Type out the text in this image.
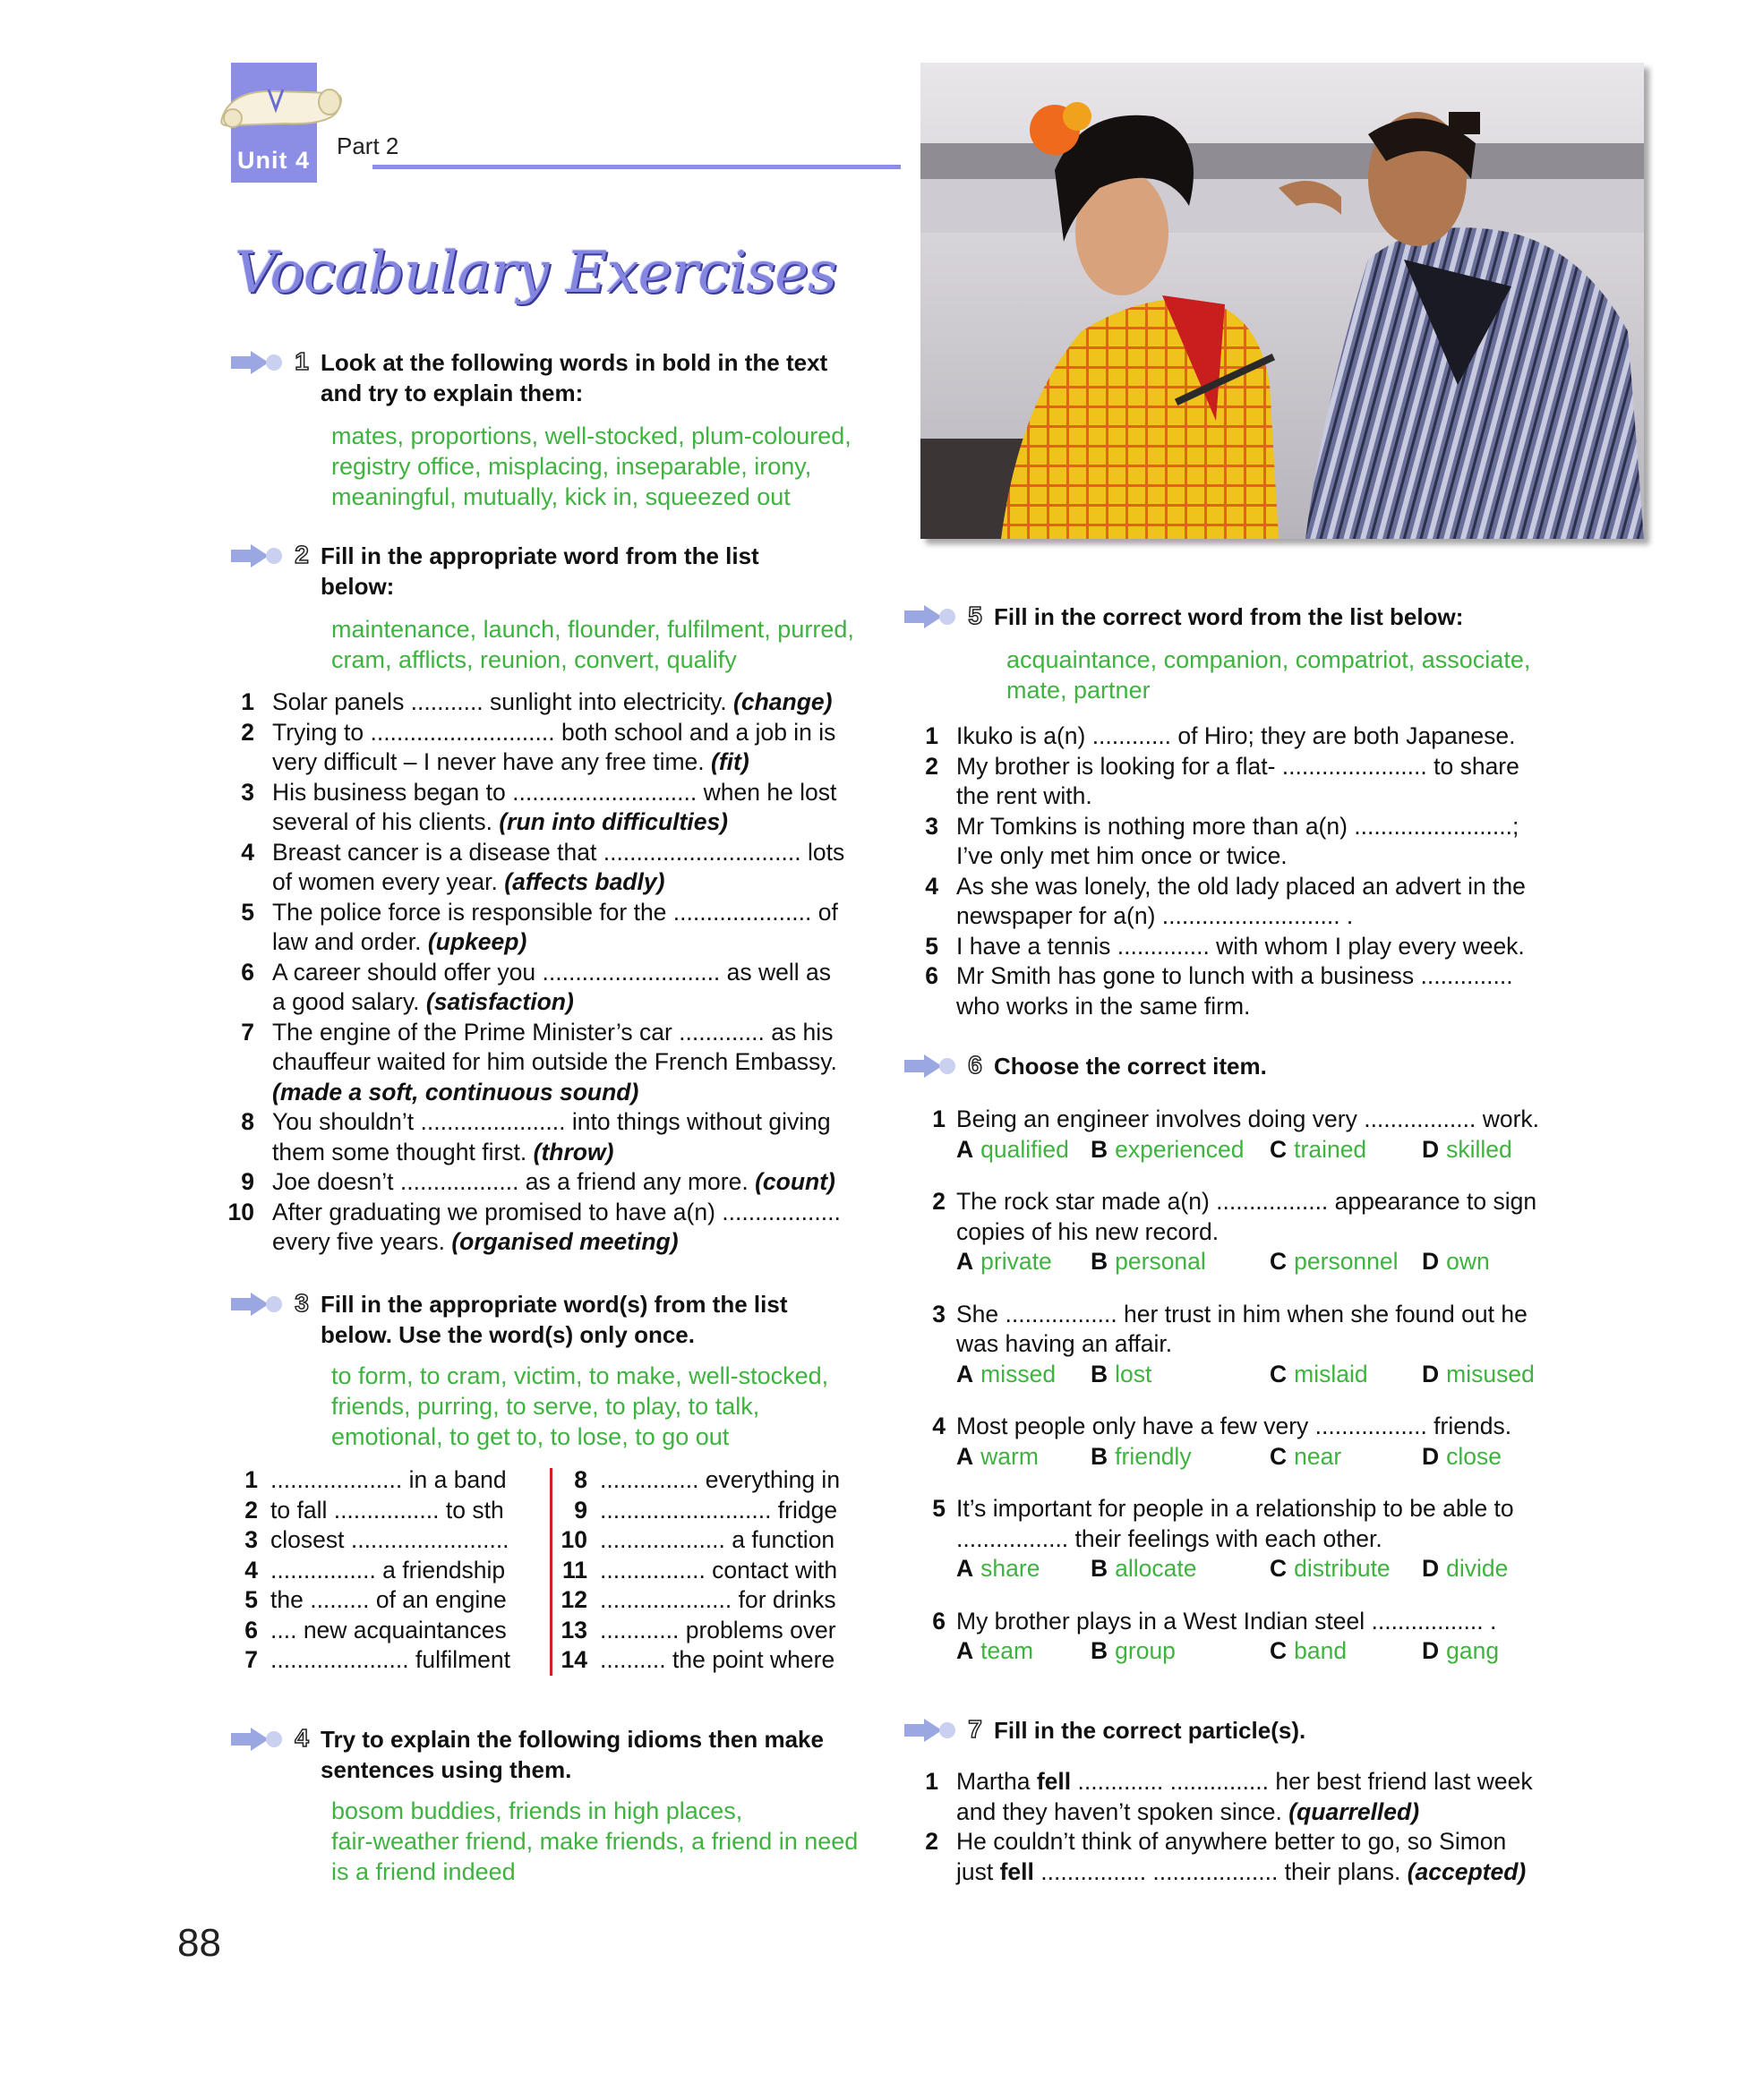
Unit 4
Part 2
Vocabulary Exercises
1 Look at the following words in bold in the text
and try to explain them:
mates, proportions, well-stocked, plum-coloured,
registry office, misplacing, inseparable, irony,
meaningful, mutually, kick in, squeezed out
2 Fill in the appropriate word from the list
below:
maintenance, launch, flounder, fulfilment, purred,
cram, afflicts, reunion, convert, qualify
1 Solar panels ........... sunlight into electricity. (change)
2 Trying to ............................ both school and a job in is
very difficult – I never have any free time. (fit)
3 His business began to ............................ when he lost
several of his clients. (run into difficulties)
4 Breast cancer is a disease that .............................. lots
of women every year. (affects badly)
5 The police force is responsible for the ..................... of
law and order. (upkeep)
6 A career should offer you ........................... as well as
a good salary. (satisfaction)
7 The engine of the Prime Minister’s car ............. as his
chauffeur waited for him outside the French Embassy. (made a soft, continuous sound)
8 You shouldn’t ...................... into things without giving
them some thought first. (throw)
9 Joe doesn’t .................. as a friend any more. (count)
10 After graduating we promised to have a(n) ..................
every five years. (organised meeting)
3 Fill in the appropriate word(s) from the list
below. Use the word(s) only once.
to form, to cram, victim, to make, well-stocked,
friends, purring, to serve, to play, to talk,
emotional, to get to, to lose, to go out
1 .................... in a band
2 to fall ................ to sth
3 closest ........................
4 ................ a friendship
5 the ......... of an engine
6 .... new acquaintances
7 ..................... fulfilment
8 ............... everything in
9 .......................... fridge
10 ................... a function
11 ................ contact with
12 .................... for drinks
13 ............ problems over
14 .......... the point where
4 Try to explain the following idioms then make
sentences using them.
bosom buddies, friends in high places,
fair-weather friend, make friends, a friend in need
is a friend indeed
88
5 Fill in the correct word from the list below:
acquaintance, companion, compatriot, associate,
mate, partner
1 Ikuko is a(n) ............ of Hiro; they are both Japanese.
2 My brother is looking for a flat- ...................... to share
the rent with.
3 Mr Tomkins is nothing more than a(n) ........................;
I’ve only met him once or twice.
4 As she was lonely, the old lady placed an advert in the
newspaper for a(n) ........................... .
5 I have a tennis .............. with whom I play every week.
6 Mr Smith has gone to lunch with a business ..............
who works in the same firm.
6 Choose the correct item.
1 Being an engineer involves doing very ................. work.
A qualified B experienced C trained D skilled
2 The rock star made a(n) ................. appearance to sign
copies of his new record.
A private B personal	C personnel D own
3 She ................. her trust in him when she found out he
was having an affair.
A missed B lost	C mislaid D misused
4 Most people only have a few very ................. friends.
A warm B friendly	C near	D close
5 It’s important for people in a relationship to be able to
................. their feelings with each other.
A share B allocate	C distribute D divide
6 My brother plays in a West Indian steel ................. .
A team B group	C band	D gang
7 Fill in the correct particle(s).
1 Martha fell ............. ............... her best friend last week
and they haven’t spoken since. (quarrelled)
2 He couldn’t think of anywhere better to go, so Simon
just fell ................ ................... their plans. (accepted)
